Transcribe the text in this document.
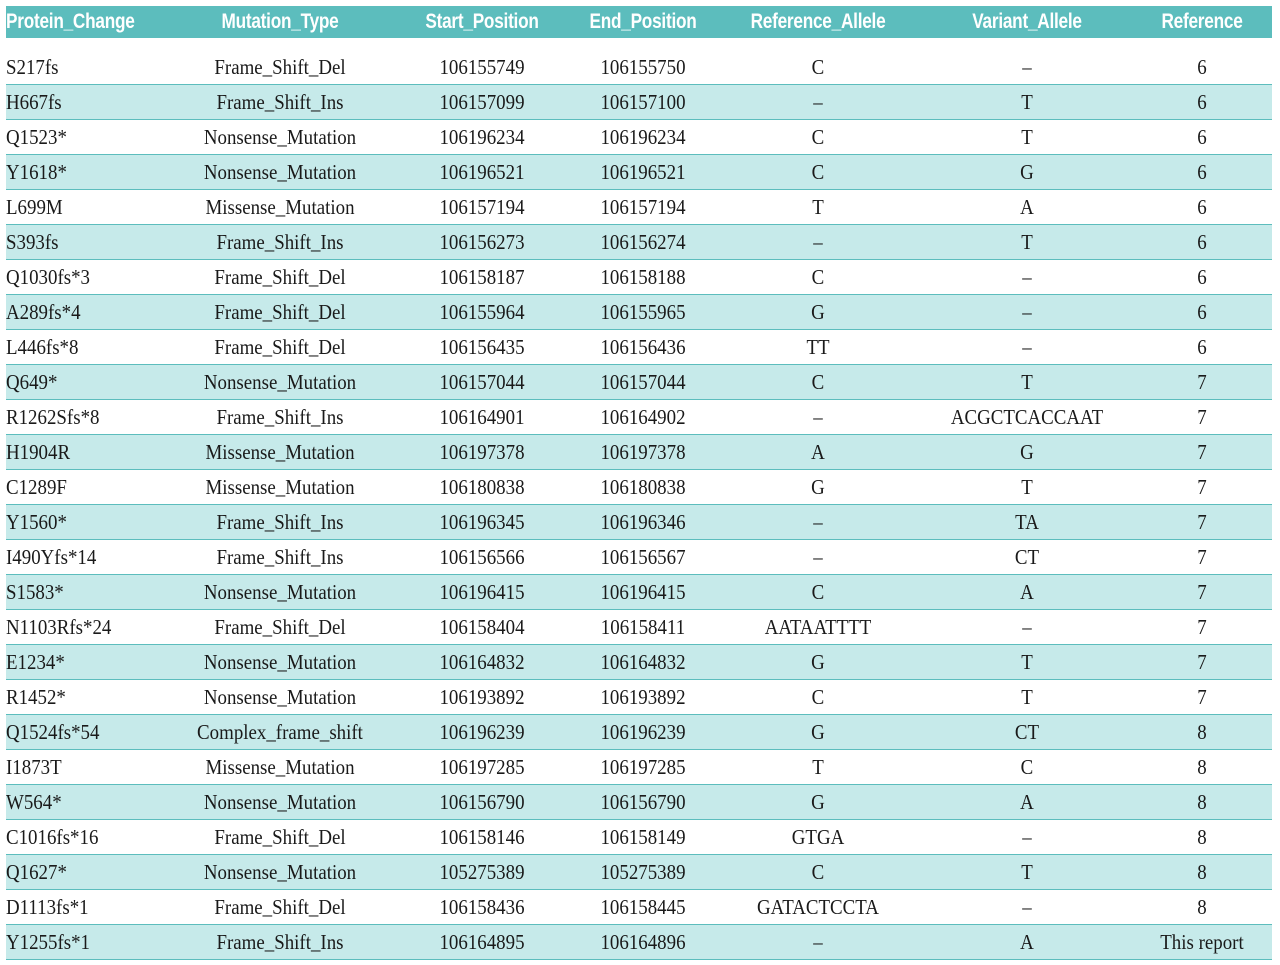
Protein_Change	Mutation_Type	Start_Position	End_Position	Reference_Allele	Variant_Allele	Reference
S217fs	Frame_Shift_Del	106155749	106155750	C	–	6
H667fs	Frame_Shift_Ins	106157099	106157100	–	T	6
Q1523*	Nonsense_Mutation	106196234	106196234	C	T	6
Y1618*	Nonsense_Mutation	106196521	106196521	C	G	6
L699M	Missense_Mutation	106157194	106157194	T	A	6
S393fs	Frame_Shift_Ins	106156273	106156274	–	T	6
Q1030fs*3	Frame_Shift_Del	106158187	106158188	C	–	6
A289fs*4	Frame_Shift_Del	106155964	106155965	G	–	6
L446fs*8	Frame_Shift_Del	106156435	106156436	TT	–	6
Q649*	Nonsense_Mutation	106157044	106157044	C	T	7
R1262Sfs*8	Frame_Shift_Ins	106164901	106164902	–	ACGCTCACCAAT	7
H1904R	Missense_Mutation	106197378	106197378	A	G	7
C1289F	Missense_Mutation	106180838	106180838	G	T	7
Y1560*	Frame_Shift_Ins	106196345	106196346	–	TA	7
I490Yfs*14	Frame_Shift_Ins	106156566	106156567	–	CT	7
S1583*	Nonsense_Mutation	106196415	106196415	C	A	7
N1103Rfs*24	Frame_Shift_Del	106158404	106158411	AATAATTTT	–	7
E1234*	Nonsense_Mutation	106164832	106164832	G	T	7
R1452*	Nonsense_Mutation	106193892	106193892	C	T	7
Q1524fs*54	Complex_frame_shift	106196239	106196239	G	CT	8
I1873T	Missense_Mutation	106197285	106197285	T	C	8
W564*	Nonsense_Mutation	106156790	106156790	G	A	8
C1016fs*16	Frame_Shift_Del	106158146	106158149	GTGA	–	8
Q1627*	Nonsense_Mutation	105275389	105275389	C	T	8
D1113fs*1	Frame_Shift_Del	106158436	106158445	GATACTCCTA	–	8
Y1255fs*1	Frame_Shift_Ins	106164895	106164896	–	A	This report
